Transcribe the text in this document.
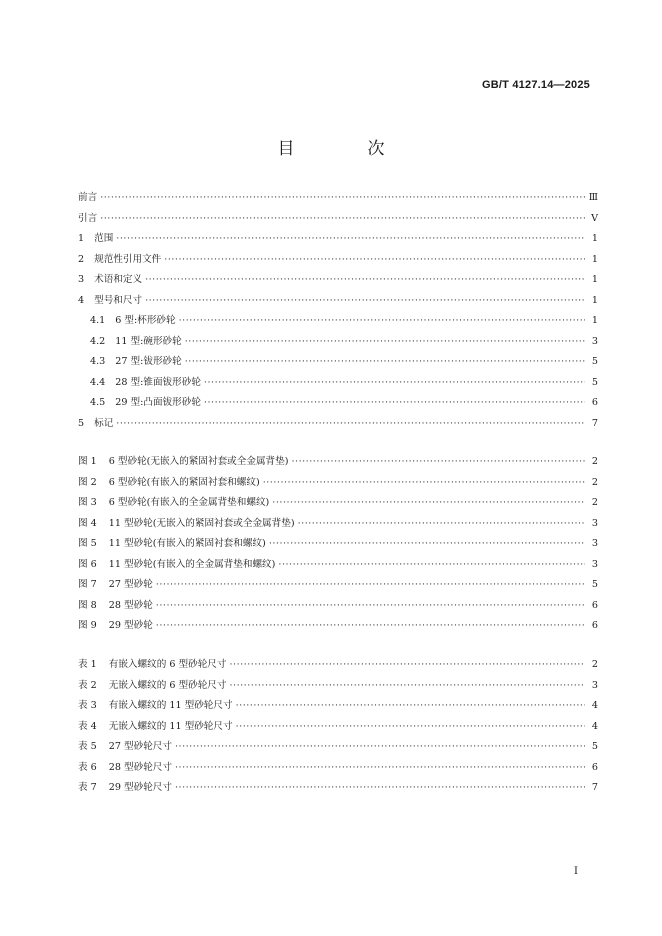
GB/T 4127.14—2025
目　次
前言 ·····	Ⅲ
引言 ·····	Ⅴ
1 范围 ·····	1
2 规范性引用文件 ·····	1
3 术语和定义 ·····	1
4 型号和尺寸 ·····	1
4.1 6 型:杯形砂轮 ·····	1
4.2 11 型:碗形砂轮 ·····	3
4.3 27 型:钹形砂轮 ·····	5
4.4 28 型:锥面钹形砂轮 ·····	5
4.5 29 型:凸面钹形砂轮 ·····	6
5 标记 ·····	7
图 1 6 型砂轮(无嵌入的紧固衬套或全金属背垫) ·····	2
图 2 6 型砂轮(有嵌入的紧固衬套和螺纹) ·····	2
图 3 6 型砂轮(有嵌入的全金属背垫和螺纹) ·····	2
图 4 11 型砂轮(无嵌入的紧固衬套或全金属背垫) ·····	3
图 5 11 型砂轮(有嵌入的紧固衬套和螺纹) ·····	3
图 6 11 型砂轮(有嵌入的全金属背垫和螺纹) ·····	3
图 7 27 型砂轮 ·····	5
图 8 28 型砂轮 ·····	6
图 9 29 型砂轮 ·····	6
表 1 有嵌入螺纹的 6 型砂轮尺寸 ·····	2
表 2 无嵌入螺纹的 6 型砂轮尺寸 ·····	3
表 3 有嵌入螺纹的 11 型砂轮尺寸 ·····	4
表 4 无嵌入螺纹的 11 型砂轮尺寸 ·····	4
表 5 27 型砂轮尺寸 ·····	5
表 6 28 型砂轮尺寸 ·····	6
表 7 29 型砂轮尺寸 ·····	7
Ⅰ
